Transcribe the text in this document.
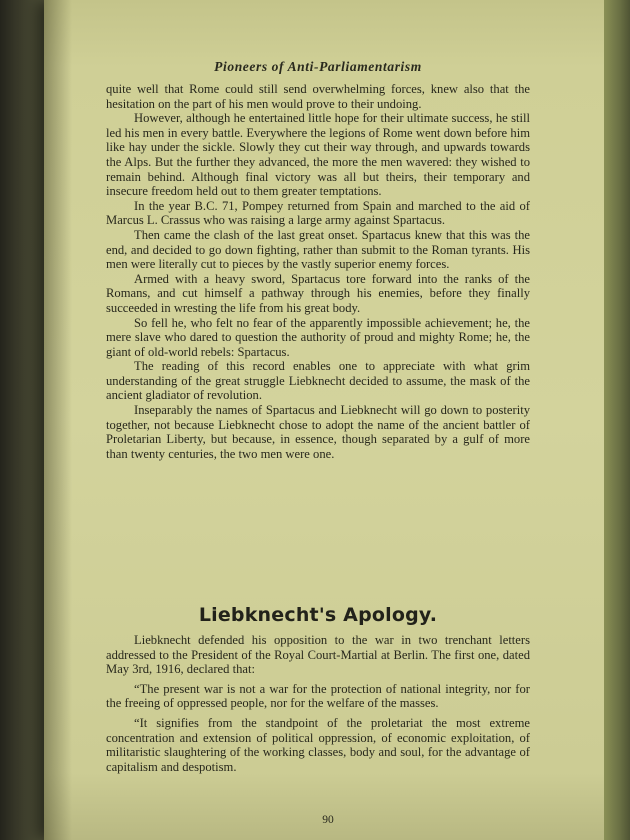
Pioneers of Anti-Parliamentarism

quite well that Rome could still send overwhelming forces, knew also that the hesitation on the part of his men would prove to their undoing.

However, although he entertained little hope for their ultimate success, he still led his men in every battle. Everywhere the legions of Rome went down before him like hay under the sickle. Slowly they cut their way through, and upwards towards the Alps. But the further they advanced, the more the men wavered: they wished to remain behind. Although final victory was all but theirs, their temporary and insecure freedom held out to them greater temptations.

In the year B.C. 71, Pompey returned from Spain and marched to the aid of Marcus L. Crassus who was raising a large army against Spartacus.

Then came the clash of the last great onset. Spartacus knew that this was the end, and decided to go down fighting, rather than submit to the Roman tyrants. His men were literally cut to pieces by the vastly superior enemy forces.

Armed with a heavy sword, Spartacus tore forward into the ranks of the Romans, and cut himself a pathway through his enemies, before they finally succeeded in wresting the life from his great body.

So fell he, who felt no fear of the apparently impossible achievement; he, the mere slave who dared to question the authority of proud and mighty Rome; he, the giant of old-world rebels: Spartacus.

The reading of this record enables one to appreciate with what grim understanding of the great struggle Liebknecht decided to assume, the mask of the ancient gladiator of revolution.

Inseparably the names of Spartacus and Liebknecht will go down to posterity together, not because Liebknecht chose to adopt the name of the ancient battler of Proletarian Liberty, but because, in essence, though separated by a gulf of more than twenty centuries, the two men were one.

Liebknecht's Apology.

Liebknecht defended his opposition to the war in two trenchant letters addressed to the President of the Royal Court-Martial at Berlin. The first one, dated May 3rd, 1916, declared that:

“The present war is not a war for the protection of national integrity, nor for the freeing of oppressed people, nor for the welfare of the masses.

“It signifies from the standpoint of the proletariat the most extreme concentration and extension of political oppression, of economic exploitation, of militaristic slaughtering of the working classes, body and soul, for the advantage of capitalism and despotism.

90
